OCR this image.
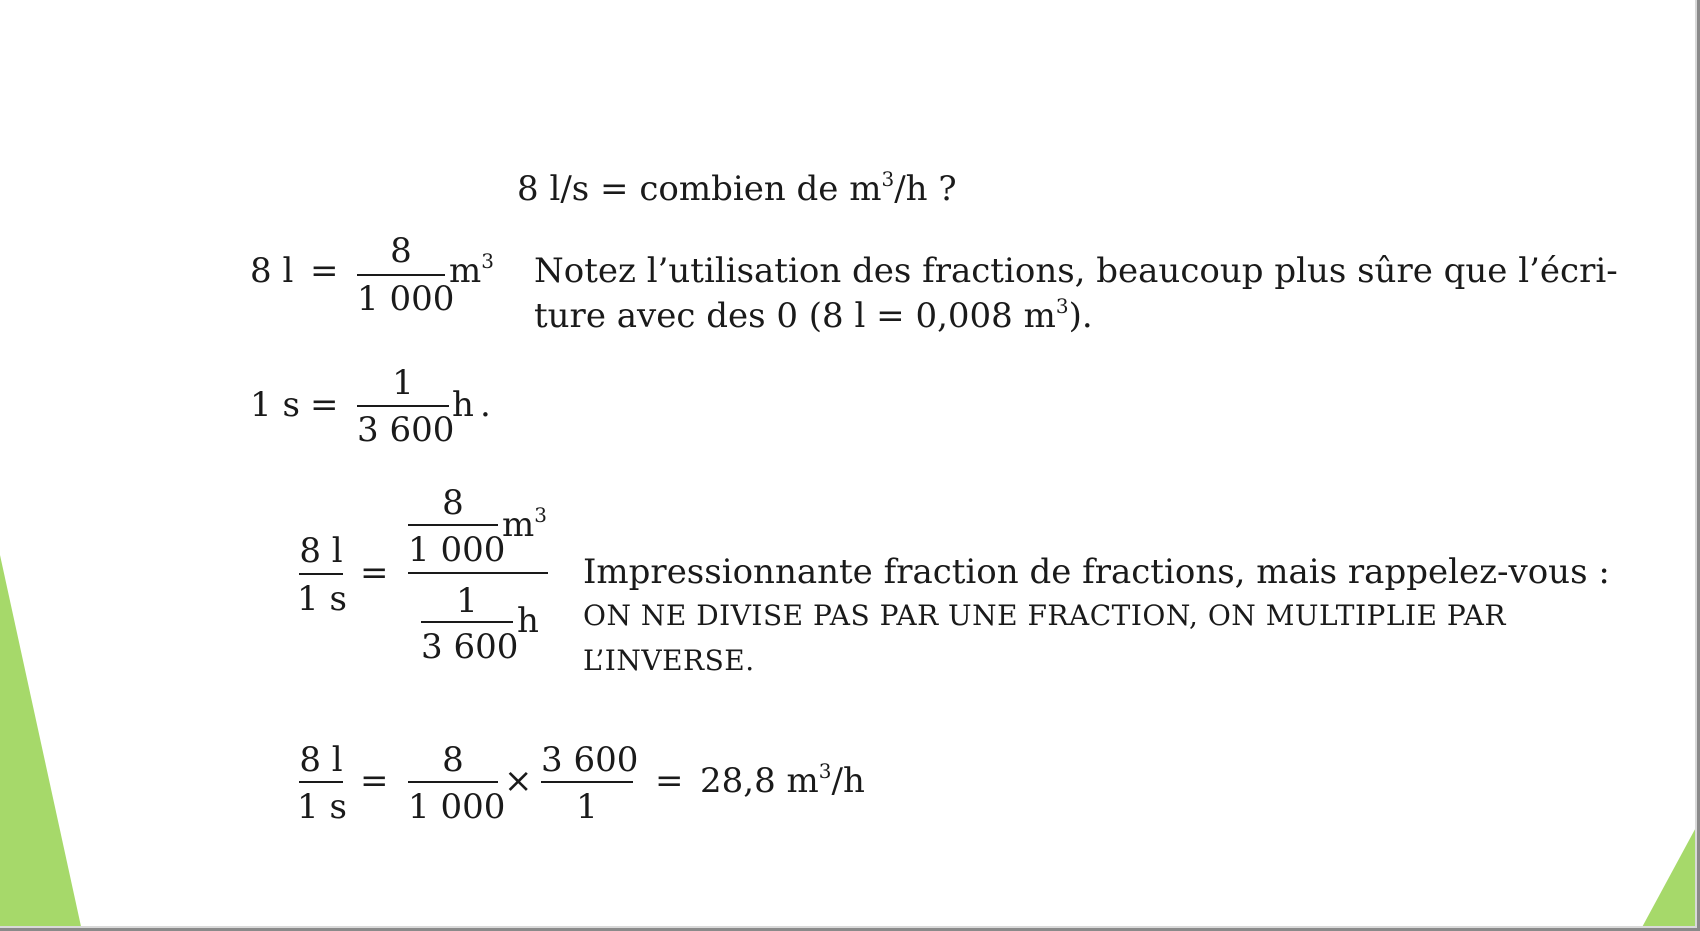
8 l/s = combien de $m^3/h$ ?
8 l =	8
1 000
$m^3$ Notez l’utilisation des fractions, beaucoup plus sûre que l’écri-
ture avec des 0 (8 l = 0,008 $m^3$).
1 s =
1
3 600
h .
8 l
1 s
=
8
1 000
$m^3$
1
3 600
h
Impressionnante fraction de fractions, mais rappelez-vous :
ON NE DIVISE PAS PAR UNE FRACTION, ON MULTIPLIE PAR
L’INVERSE.
8 l
1 s
=
8
1 000
×
3 600
1
= 28,8 $m^3/h$
